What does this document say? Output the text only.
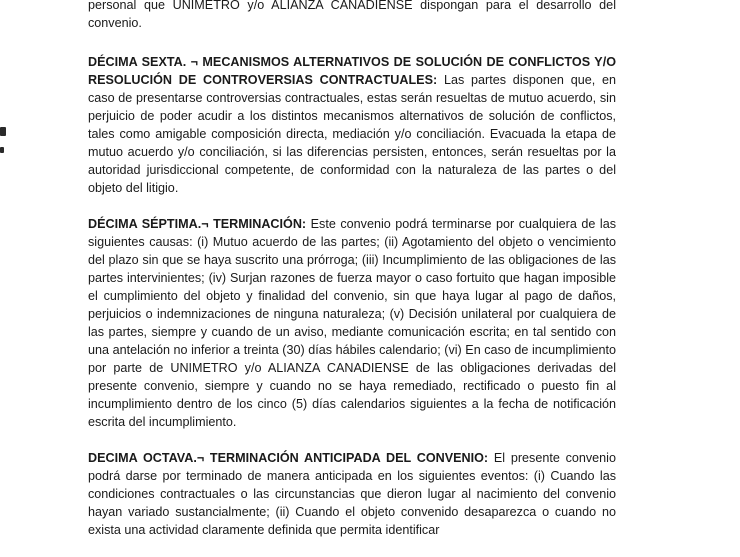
personal que UNIMETRO y/o ALIANZA CANADIENSE dispongan para el desarrollo del convenio.

DÉCIMA SEXTA. ¬ MECANISMOS ALTERNATIVOS DE SOLUCIÓN DE CONFLICTOS Y/O RESOLUCIÓN DE CONTROVERSIAS CONTRACTUALES: Las partes disponen que, en caso de presentarse controversias contractuales, estas serán resueltas de mutuo acuerdo, sin perjuicio de poder acudir a los distintos mecanismos alternativos de solución de conflictos, tales como amigable composición directa, mediación y/o conciliación. Evacuada la etapa de mutuo acuerdo y/o conciliación, si las diferencias persisten, entonces, serán resueltas por la autoridad jurisdiccional competente, de conformidad con la naturaleza de las partes o del objeto del litigio.

DÉCIMA SÉPTIMA.¬ TERMINACIÓN: Este convenio podrá terminarse por cualquiera de las siguientes causas: (i) Mutuo acuerdo de las partes; (ii) Agotamiento del objeto o vencimiento del plazo sin que se haya suscrito una prórroga; (iii) Incumplimiento de las obligaciones de las partes intervinientes; (iv) Surjan razones de fuerza mayor o caso fortuito que hagan imposible el cumplimiento del objeto y finalidad del convenio, sin que haya lugar al pago de daños, perjuicios o indemnizaciones de ninguna naturaleza; (v) Decisión unilateral por cualquiera de las partes, siempre y cuando de un aviso, mediante comunicación escrita; en tal sentido con una antelación no inferior a treinta (30) días hábiles calendario; (vi) En caso de incumplimiento por parte de UNIMETRO y/o ALIANZA CANADIENSE de las obligaciones derivadas del presente convenio, siempre y cuando no se haya remediado, rectificado o puesto fin al incumplimiento dentro de los cinco (5) días calendarios siguientes a la fecha de notificación escrita del incumplimiento.

DECIMA OCTAVA.¬ TERMINACIÓN ANTICIPADA DEL CONVENIO: El presente convenio podrá darse por terminado de manera anticipada en los siguientes eventos: (i) Cuando las condiciones contractuales o las circunstancias que dieron lugar al nacimiento del convenio hayan variado sustancialmente; (ii) Cuando el objeto convenido desaparezca o cuando no exista una actividad claramente definida que permita identificar
